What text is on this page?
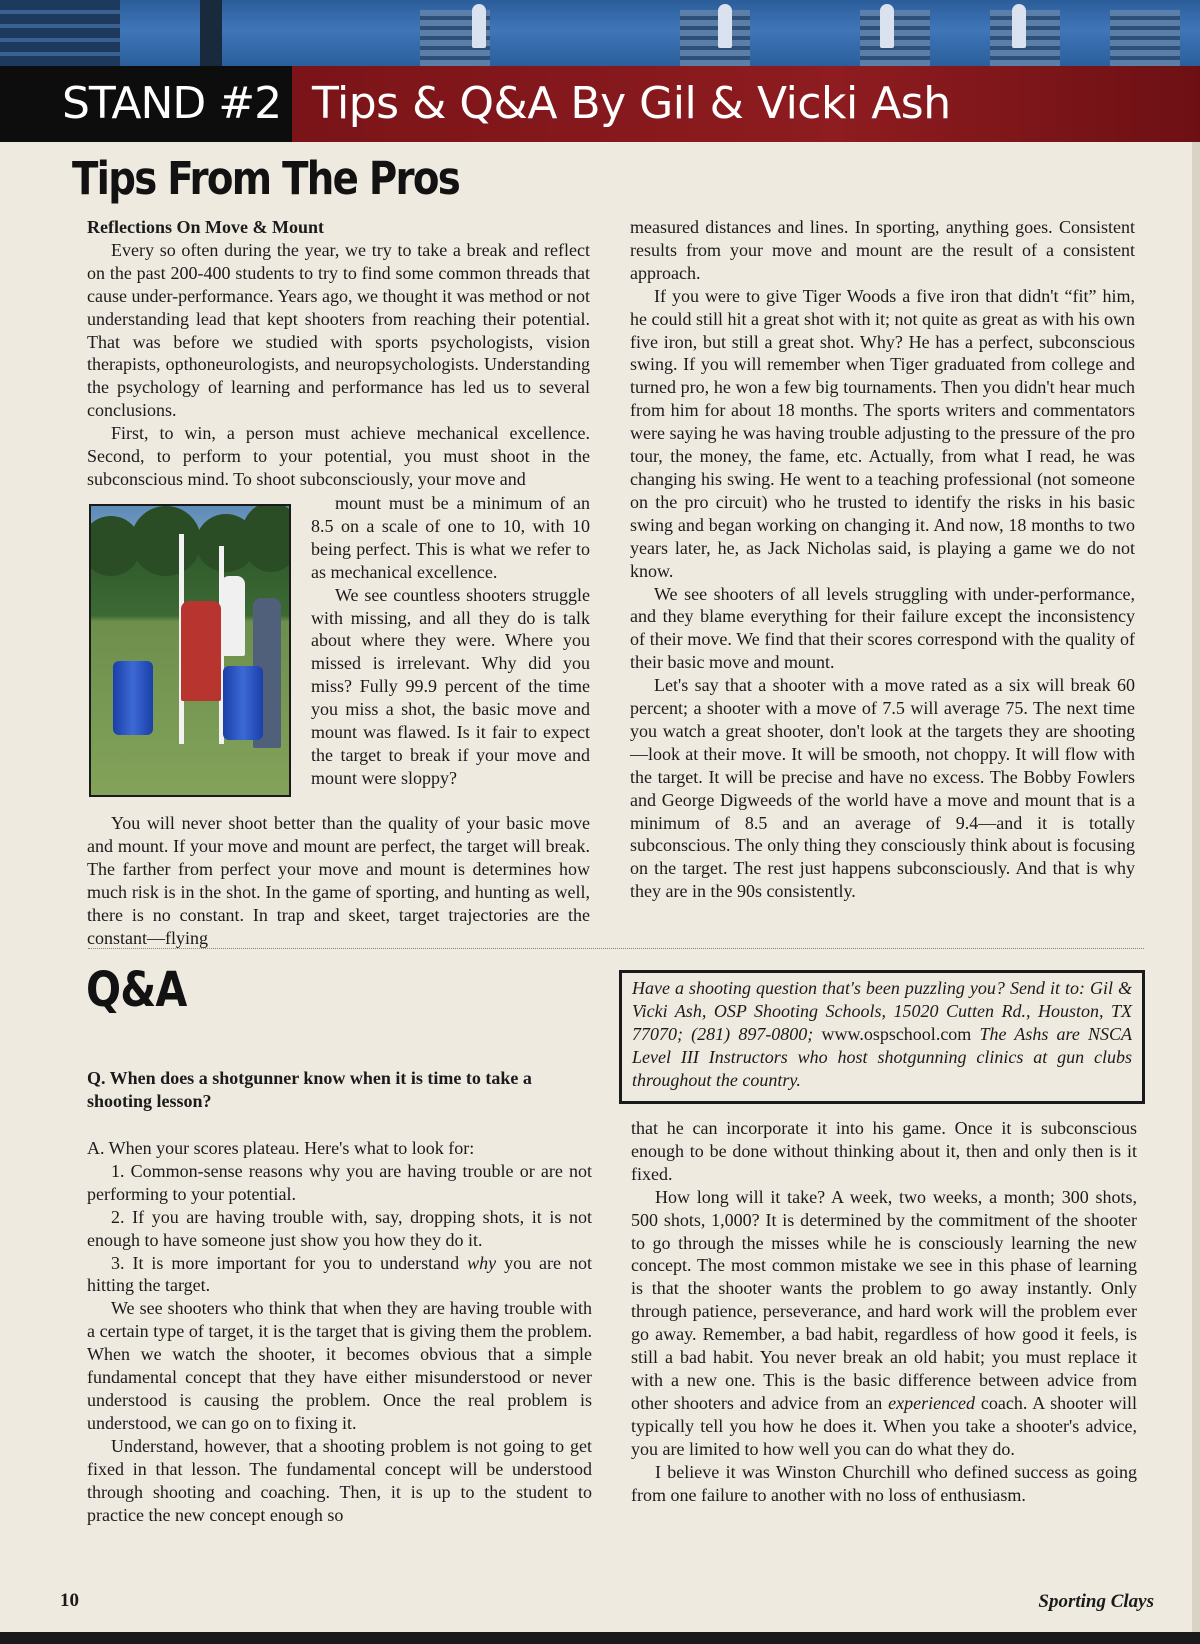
STAND #2 Tips & Q&A By Gil & Vicki Ash
Tips From The Pros

Reflections On Move & Mount

Every so often during the year, we try to take a break and reflect on the past 200-400 students to try to find some common threads that cause under-performance. Years ago, we thought it was method or not understanding lead that kept shooters from reaching their potential. That was before we studied with sports psychologists, vision therapists, opthoneurologists, and neuropsychologists. Understanding the psychology of learning and performance has led us to several conclusions.

First, to win, a person must achieve mechanical excellence. Second, to perform to your potential, you must shoot in the subconscious mind. To shoot subconsciously, your move and

mount must be a minimum of an 8.5 on a scale of one to 10, with 10 being perfect. This is what we refer to as mechanical excellence.

We see countless shooters struggle with missing, and all they do is talk about where they were. Where you missed is irrelevant. Why did you miss? Fully 99.9 percent of the time you miss a shot, the basic move and mount was flawed. Is it fair to expect the target to break if your move and mount were sloppy?

You will never shoot better than the quality of your basic move and mount. If your move and mount are perfect, the target will break. The farther from perfect your move and mount is determines how much risk is in the shot. In the game of sporting, and hunting as well, there is no constant. In trap and skeet, target trajectories are the constant—flying

measured distances and lines. In sporting, anything goes. Consistent results from your move and mount are the result of a consistent approach.

If you were to give Tiger Woods a five iron that didn't “fit” him, he could still hit a great shot with it; not quite as great as with his own five iron, but still a great shot. Why? He has a perfect, subconscious swing. If you will remember when Tiger graduated from college and turned pro, he won a few big tournaments. Then you didn't hear much from him for about 18 months. The sports writers and commentators were saying he was having trouble adjusting to the pressure of the pro tour, the money, the fame, etc. Actually, from what I read, he was changing his swing. He went to a teaching professional (not someone on the pro circuit) who he trusted to identify the risks in his basic swing and began working on changing it. And now, 18 months to two years later, he, as Jack Nicholas said, is playing a game we do not know.

We see shooters of all levels struggling with under-performance, and they blame everything for their failure except the inconsistency of their move. We find that their scores correspond with the quality of their basic move and mount.

Let's say that a shooter with a move rated as a six will break 60 percent; a shooter with a move of 7.5 will average 75. The next time you watch a great shooter, don't look at the targets they are shooting—look at their move. It will be smooth, not choppy. It will flow with the target. It will be precise and have no excess. The Bobby Fowlers and George Digweeds of the world have a move and mount that is a minimum of 8.5 and an average of 9.4—and it is totally subconscious. The only thing they consciously think about is focusing on the target. The rest just happens subconsciously. And that is why they are in the 90s consistently.

Q&A	Have a shooting question that's been puzzling you? Send it to: Gil & Vicki Ash, OSP Shooting Schools, 15020 Cutten Rd., Houston, TX 77070; (281) 897-0800; www.ospschool.com The Ashs are NSCA Level III Instructors who host shotgunning clinics at gun clubs throughout the country.

Q. When does a shotgunner know when it is time to take a shooting lesson?

A. When your scores plateau. Here's what to look for:

1. Common-sense reasons why you are having trouble or are not performing to your potential.

2. If you are having trouble with, say, dropping shots, it is not enough to have someone just show you how they do it.

3. It is more important for you to understand why you are not hitting the target.

We see shooters who think that when they are having trouble with a certain type of target, it is the target that is giving them the problem. When we watch the shooter, it becomes obvious that a simple fundamental concept that they have either misunderstood or never understood is causing the problem. Once the real problem is understood, we can go on to fixing it.

Understand, however, that a shooting problem is not going to get fixed in that lesson. The fundamental concept will be understood through shooting and coaching. Then, it is up to the student to practice the new concept enough so

that he can incorporate it into his game. Once it is subconscious enough to be done without thinking about it, then and only then is it fixed.

How long will it take? A week, two weeks, a month; 300 shots, 500 shots, 1,000? It is determined by the commitment of the shooter to go through the misses while he is consciously learning the new concept. The most common mistake we see in this phase of learning is that the shooter wants the problem to go away instantly. Only through patience, perseverance, and hard work will the problem ever go away. Remember, a bad habit, regardless of how good it feels, is still a bad habit. You never break an old habit; you must replace it with a new one. This is the basic difference between advice from other shooters and advice from an experienced coach. A shooter will typically tell you how he does it. When you take a shooter's advice, you are limited to how well you can do what they do.

I believe it was Winston Churchill who defined success as going from one failure to another with no loss of enthusiasm.

10	Sporting Clays
